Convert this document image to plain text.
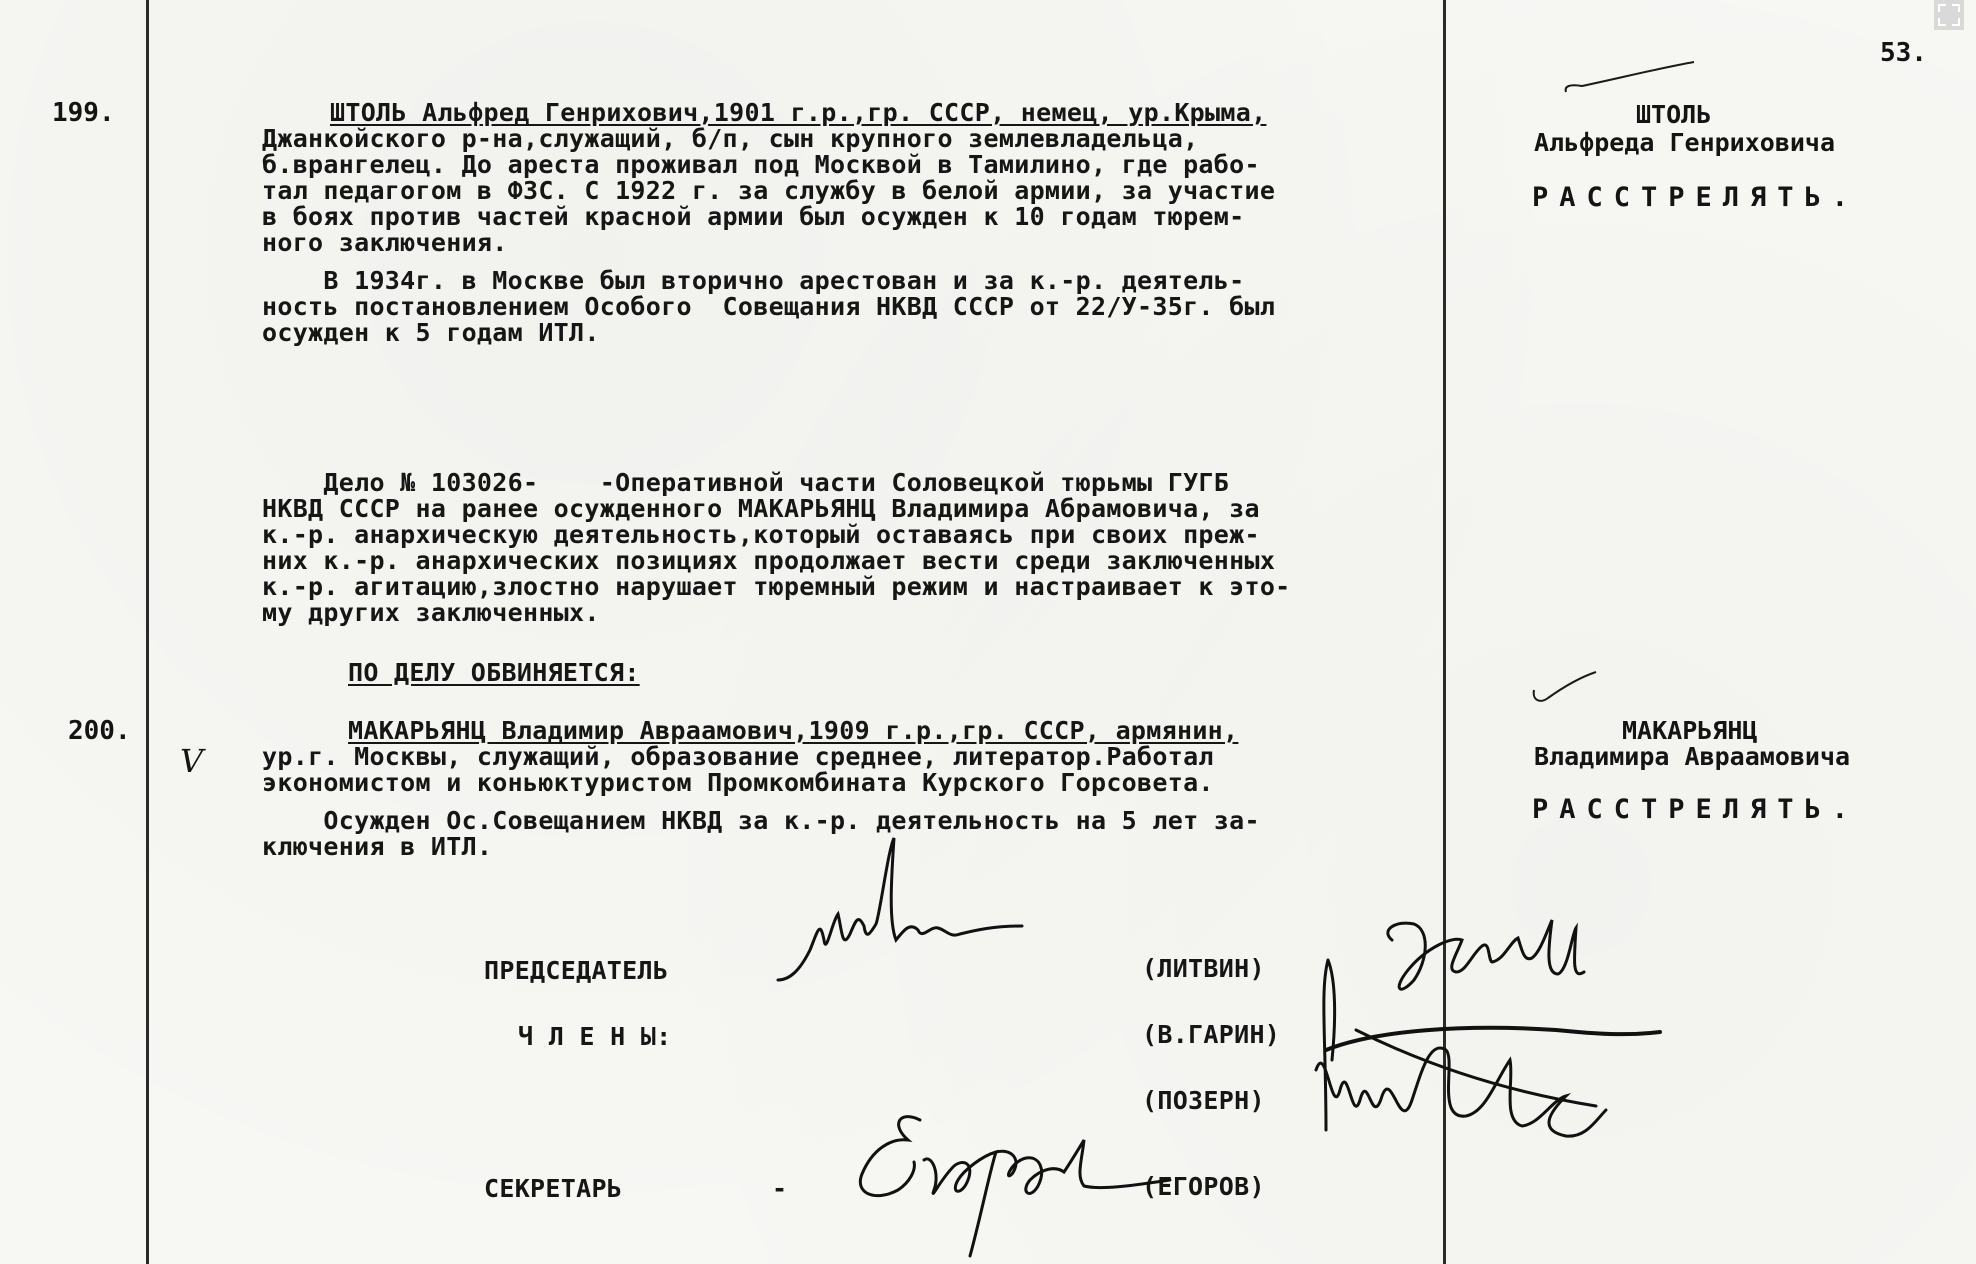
53.
199.	ШТОЛЬ Альфред Генрихович,1901 г.р.,гр. СССР, немец, ур.Крыма,
Джанкойского р-на,служащий, б/п, сын крупного землевладельца,
б.врангелец. До ареста проживал под Москвой в Тамилино, где рабо-
тал педагогом в ФЗС. С 1922 г. за службу в белой армии, за участие
в боях против частей красной армии был осужден к 10 годам тюрем-
ного заключения.
В 1934г. в Москве был вторично арестован и за к.-р. деятель-
ность постановлением Особого  Совещания НКВД СССР от 22/У-35г. был
осужден к 5 годам ИТЛ.
ШТОЛЬ
Альфреда Генриховича
РАССТРЕЛЯТЬ.
Дело № 103026-    -Оперативной части Соловецкой тюрьмы ГУГБ
НКВД СССР на ранее осужденного МАКАРЬЯНЦ Владимира Абрамовича, за
к.-р. анархическую деятельность,который оставаясь при своих преж-
них к.-р. анархических позициях продолжает вести среди заключенных
к.-р. агитацию,злостно нарушает тюремный режим и настраивает к это-
му других заключенных.
ПО ДЕЛУ ОБВИНЯЕТСЯ:
200.
V
МАКАРЬЯНЦ Владимир Авраамович,1909 г.р.,гр. СССР, армянин,
ур.г. Москвы, служащий, образование среднее, литератор.Работал
экономистом и коньюктуристом Промкомбината Курского Горсовета.
Осужден Ос.Совещанием НКВД за к.-р. деятельность на 5 лет за-
ключения в ИТЛ.
МАКАРЬЯНЦ
Владимира Авраамовича
РАССТРЕЛЯТЬ.
ПРЕДСЕДАТЕЛЬ	(ЛИТВИН)
Ч Л Е Н Ы:	(В.ГАРИН)
(ПОЗЕРН)
СЕКРЕТАРЬ	-	(ЕГОРОВ)
